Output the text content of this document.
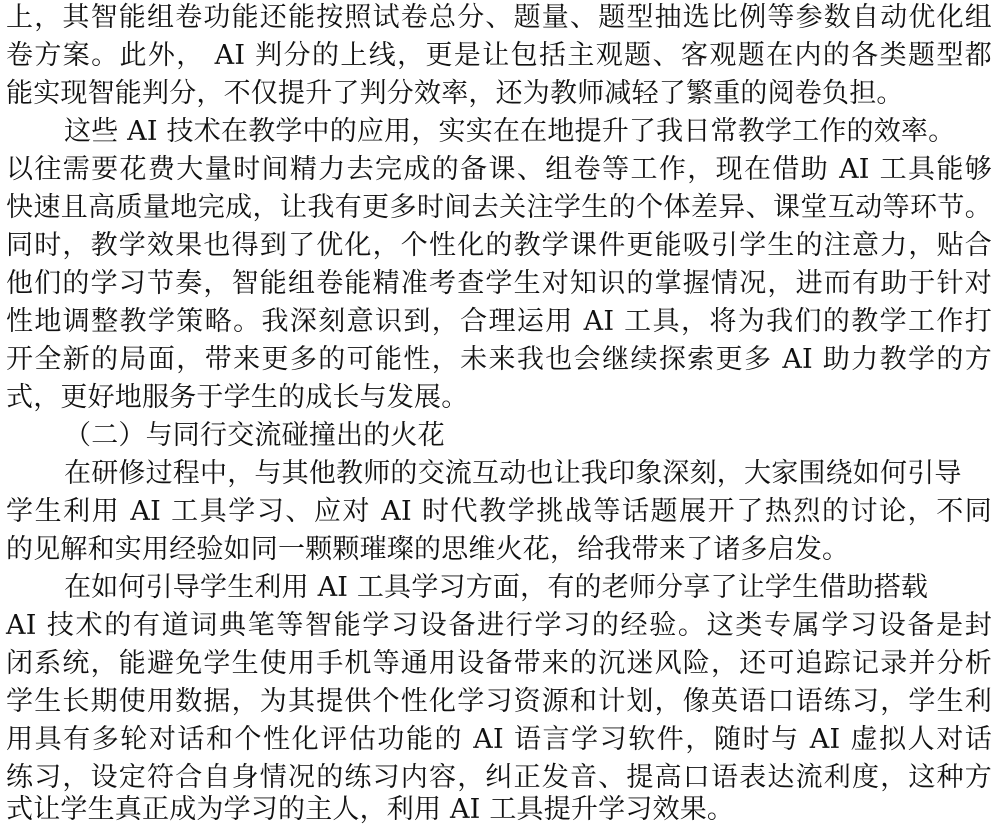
上，其智能组卷功能还能按照试卷总分、题量、题型抽选比例等参数自动优化组
卷方案。此外， AI 判分的上线，更是让包括主观题、客观题在内的各类题型都
能实现智能判分，不仅提升了判分效率，还为教师减轻了繁重的阅卷负担。
这些 AI 技术在教学中的应用，实实在在地提升了我日常教学工作的效率。
以往需要花费大量时间精力去完成的备课、组卷等工作，现在借助 AI 工具能够
快速且高质量地完成，让我有更多时间去关注学生的个体差异、课堂互动等环节。
同时，教学效果也得到了优化，个性化的教学课件更能吸引学生的注意力，贴合
他们的学习节奏，智能组卷能精准考查学生对知识的掌握情况，进而有助于针对
性地调整教学策略。我深刻意识到，合理运用 AI 工具，将为我们的教学工作打
开全新的局面，带来更多的可能性，未来我也会继续探索更多 AI 助力教学的方
式，更好地服务于学生的成长与发展。
（二）与同行交流碰撞出的火花
在研修过程中，与其他教师的交流互动也让我印象深刻，大家围绕如何引导
学生利用 AI 工具学习、应对 AI 时代教学挑战等话题展开了热烈的讨论，不同
的见解和实用经验如同一颗颗璀璨的思维火花，给我带来了诸多启发。
在如何引导学生利用 AI 工具学习方面，有的老师分享了让学生借助搭载
AI 技术的有道词典笔等智能学习设备进行学习的经验。这类专属学习设备是封
闭系统，能避免学生使用手机等通用设备带来的沉迷风险，还可追踪记录并分析
学生长期使用数据，为其提供个性化学习资源和计划，像英语口语练习，学生利
用具有多轮对话和个性化评估功能的 AI 语言学习软件，随时与 AI 虚拟人对话
练习，设定符合自身情况的练习内容，纠正发音、提高口语表达流利度，这种方
式让学生真正成为学习的主人，利用 AI 工具提升学习效果。
